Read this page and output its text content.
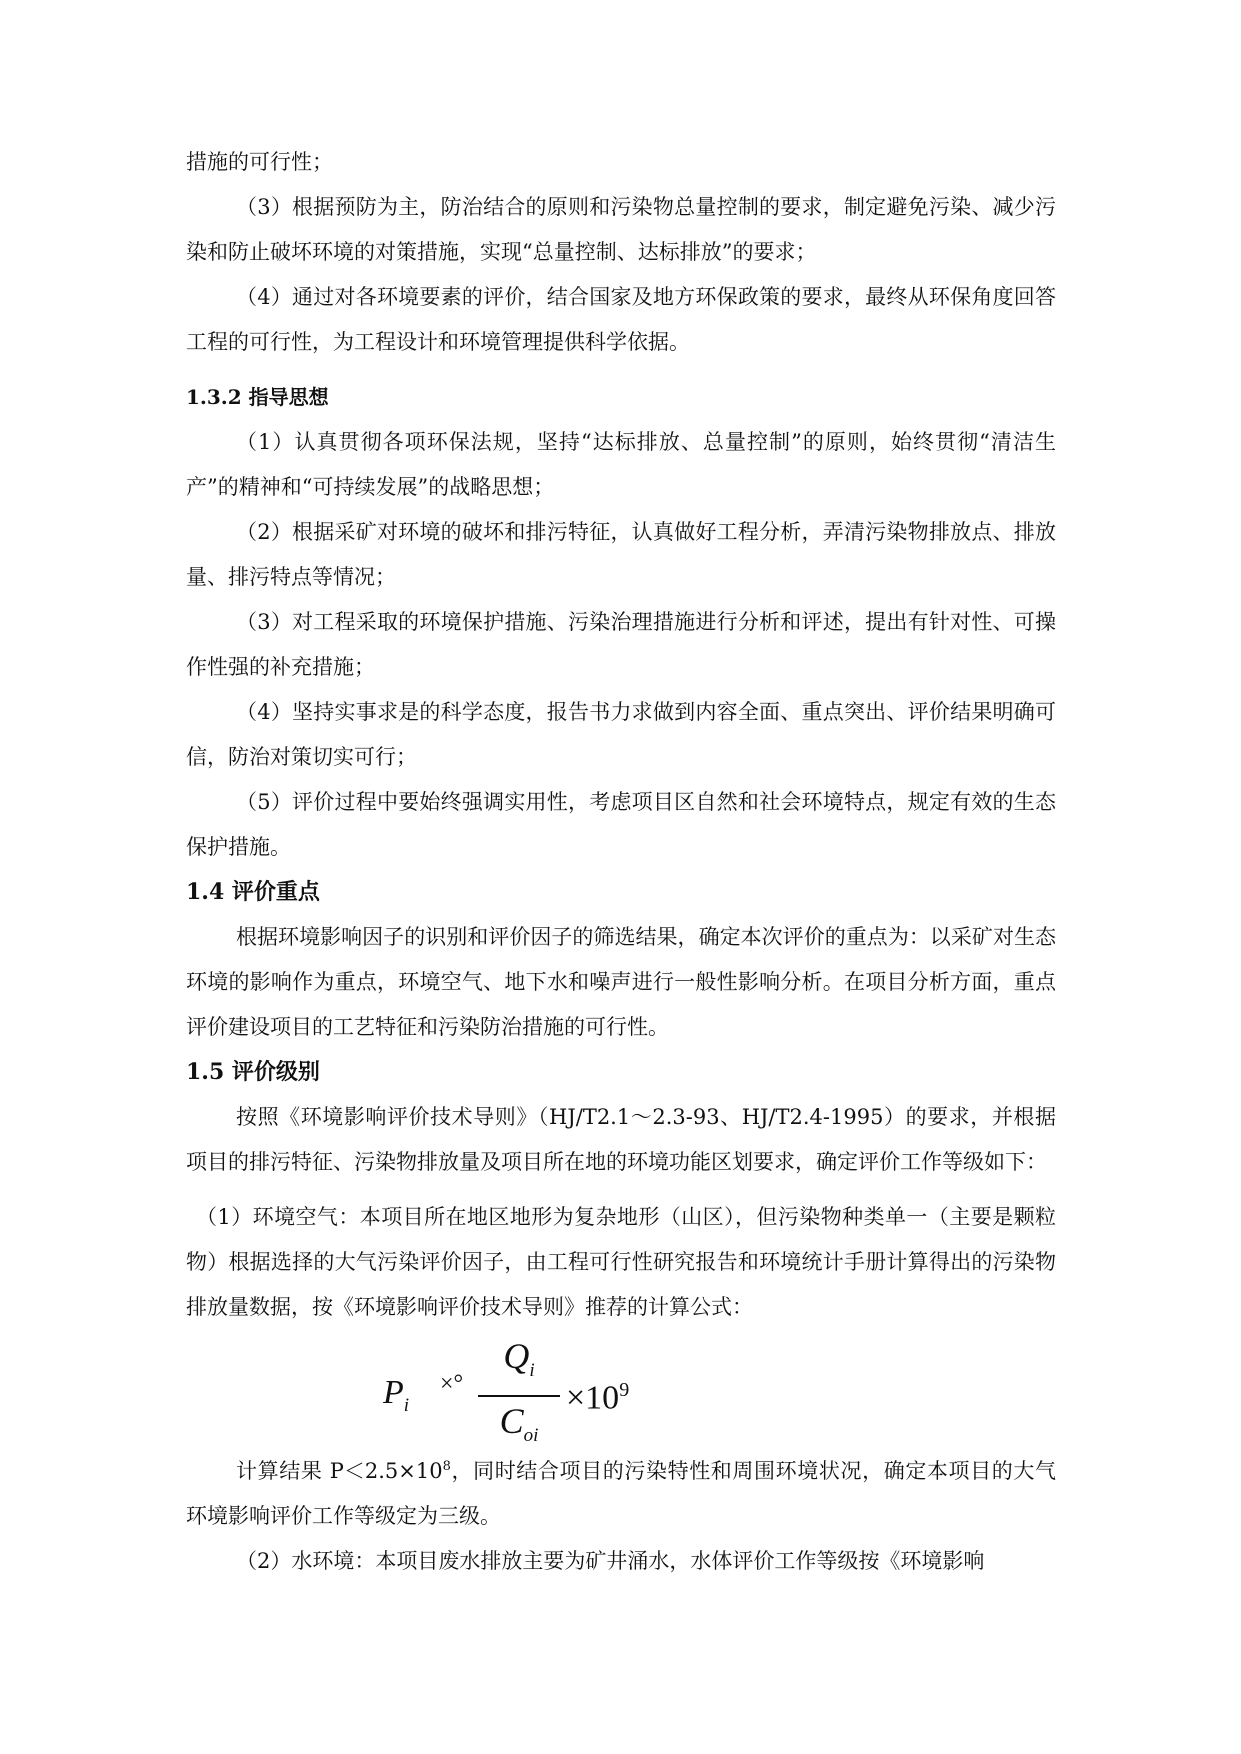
措施的可行性；

（3）根据预防为主，防治结合的原则和污染物总量控制的要求，制定避免污染、减少污染和防止破坏环境的对策措施，实现“总量控制、达标排放”的要求；

（4）通过对各环境要素的评价，结合国家及地方环保政策的要求，最终从环保角度回答工程的可行性，为工程设计和环境管理提供科学依据。

1.3.2 指导思想

（1）认真贯彻各项环保法规，坚持“达标排放、总量控制”的原则，始终贯彻“清洁生产”的精神和“可持续发展”的战略思想；

（2）根据采矿对环境的破坏和排污特征，认真做好工程分析，弄清污染物排放点、排放量、排污特点等情况；

（3）对工程采取的环境保护措施、污染治理措施进行分析和评述，提出有针对性、可操作性强的补充措施；

（4）坚持实事求是的科学态度，报告书力求做到内容全面、重点突出、评价结果明确可信，防治对策切实可行；

（5）评价过程中要始终强调实用性，考虑项目区自然和社会环境特点，规定有效的生态保护措施。

1.4 评价重点

根据环境影响因子的识别和评价因子的筛选结果，确定本次评价的重点为：以采矿对生态环境的影响作为重点，环境空气、地下水和噪声进行一般性影响分析。在项目分析方面，重点评价建设项目的工艺特征和污染防治措施的可行性。

1.5 评价级别

按照《环境影响评价技术导则》（HJ/T2.1～2.3-93、HJ/T2.4-1995）的要求，并根据项目的排污特征、污染物排放量及项目所在地的环境功能区划要求，确定评价工作等级如下：

（1）环境空气：本项目所在地区地形为复杂地形（山区），但污染物种类单一（主要是颗粒物）根据选择的大气污染评价因子，由工程可行性研究报告和环境统计手册计算得出的污染物排放量数据，按《环境影响评价技术导则》推荐的计算公式：

$P_i$
×°
$Q_i$
$C_{oi}$
$\times 10^9$

计算结果 $P<2.5\times 10^8$，同时结合项目的污染特性和周围环境状况，确定本项目的大气环境影响评价工作等级定为三级。

（2）水环境：本项目废水排放主要为矿井涌水，水体评价工作等级按《环境影响
